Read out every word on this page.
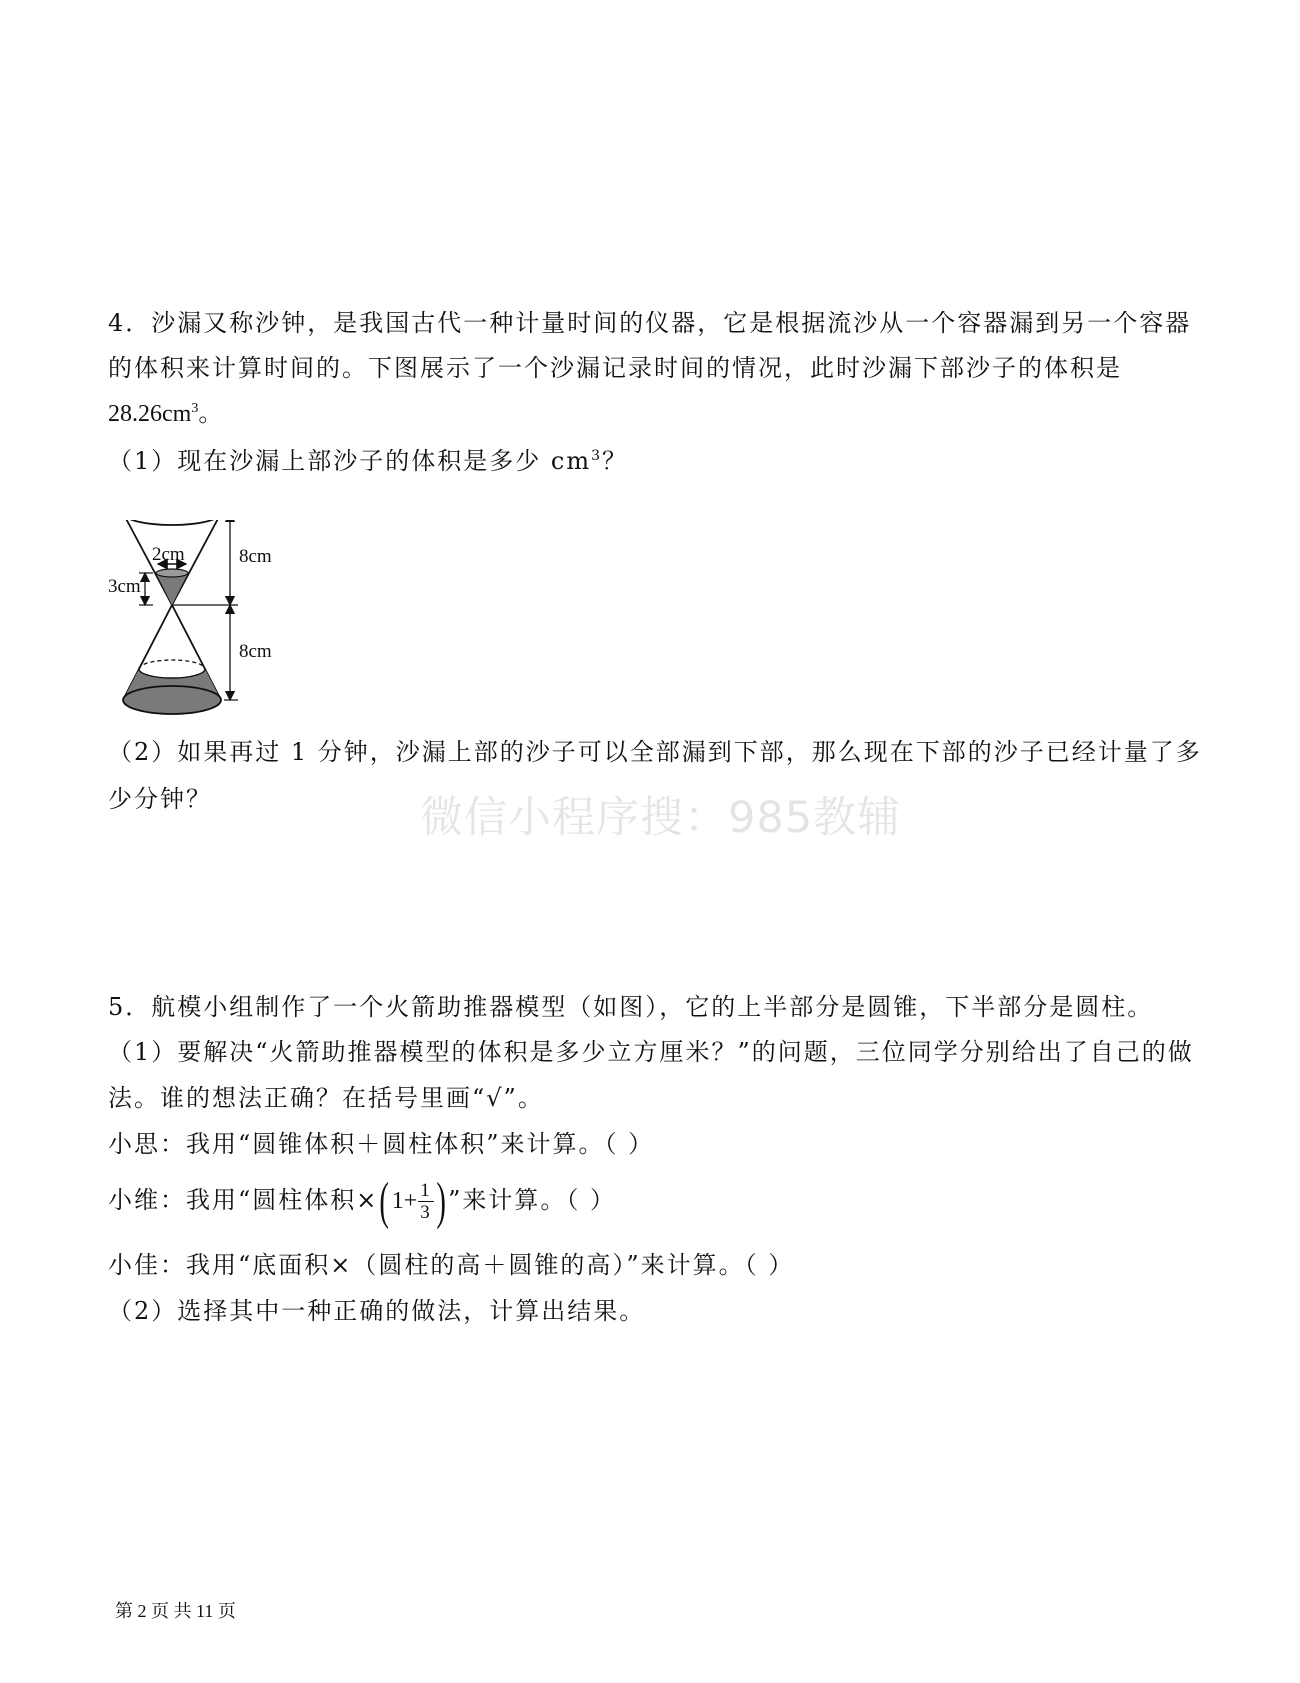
4．沙漏又称沙钟，是我国古代一种计量时间的仪器，它是根据流沙从一个容器漏到另一个容器

的体积来计算时间的。下图展示了一个沙漏记录时间的情况，此时沙漏下部沙子的体积是

$28.26cm^3$。

（1）现在沙漏上部沙子的体积是多少 $cm^3$？

2cm	8cm
3cm
8cm

（2）如果再过 1 分钟，沙漏上部的沙子可以全部漏到下部，那么现在下部的沙子已经计量了多

少分钟？	微信小程序搜：985教辅

5．航模小组制作了一个火箭助推器模型（如图），它的上半部分是圆锥，下半部分是圆柱。

（1）要解决“火箭助推器模型的体积是多少立方厘米？”的问题，三位同学分别给出了自己的做

法。谁的想法正确？在括号里画“√”。

小思：我用“圆锥体积＋圆柱体积”来计算。（ ）

小维：我用“圆柱体积$\times(1+ \frac{1}{3}$ )”来计算。（ ）

小佳：我用“底面积×（圆柱的高＋圆锥的高）”来计算。（ ）

（2）选择其中一种正确的做法，计算出结果。

第 2 页 共 11 页
